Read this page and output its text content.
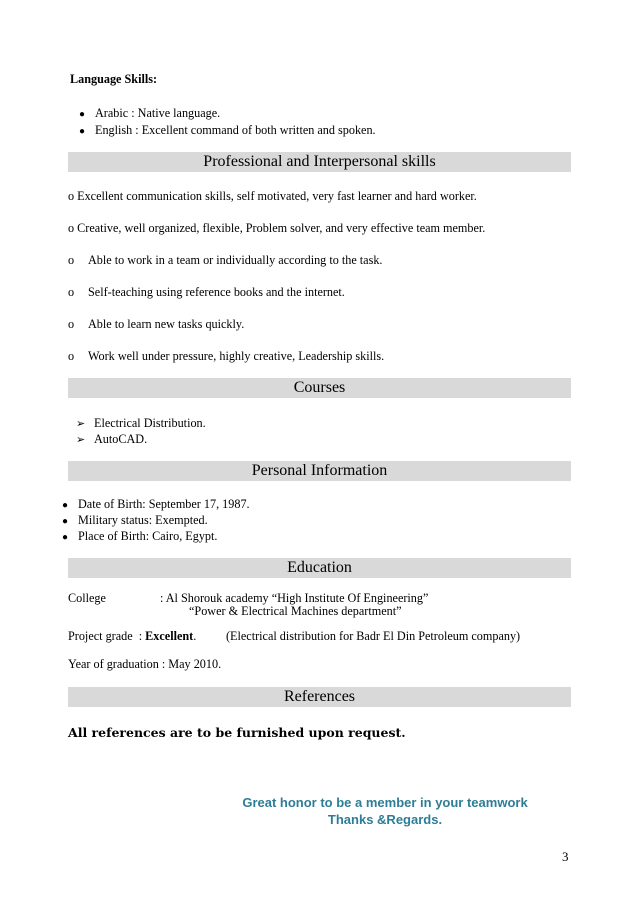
Language Skills:
● Arabic : Native language.
● English : Excellent command of both written and spoken.
Professional and Interpersonal skills
o Excellent communication skills, self motivated, very fast learner and hard worker.
o Creative, well organized, flexible, Problem solver, and very effective team member.
o Able to work in a team or individually according to the task.
o Self-teaching using reference books and the internet.
o Able to learn new tasks quickly.
o Work well under pressure, highly creative, Leadership skills.
Courses
➢ Electrical Distribution.
➢ AutoCAD.
Personal Information
● Date of Birth: September 17, 1987.
● Military status: Exempted.
● Place of Birth: Cairo, Egypt.
Education
College	: Al Shorouk academy “High Institute Of Engineering”
“Power & Electrical Machines department”
Project grade : Excellent. (Electrical distribution for Badr El Din Petroleum company)
Year of graduation : May 2010.
References
All references are to be furnished upon request.
Great honor to be a member in your teamwork
Thanks &Regards.
3
